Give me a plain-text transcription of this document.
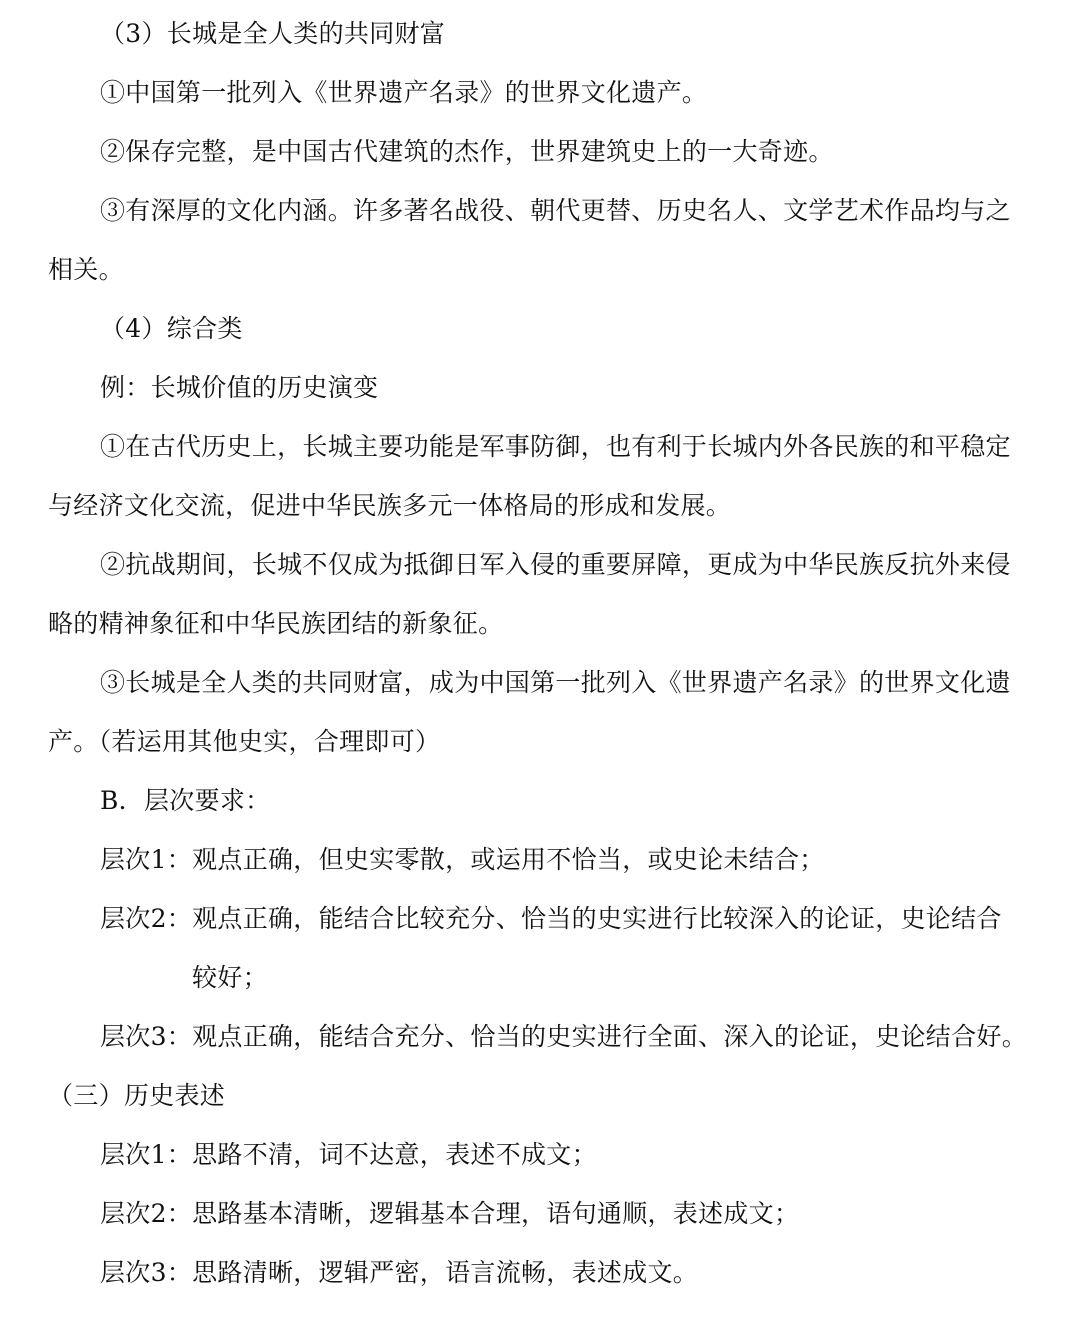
（3）长城是全人类的共同财富
①中国第一批列入《世界遗产名录》的世界文化遗产。
②保存完整，是中国古代建筑的杰作，世界建筑史上的一大奇迹。
③有深厚的文化内涵。许多著名战役、朝代更替、历史名人、文学艺术作品均与之
相关。
（4）综合类
例：长城价值的历史演变
①在古代历史上，长城主要功能是军事防御，也有利于长城内外各民族的和平稳定
与经济文化交流，促进中华民族多元一体格局的形成和发展。
②抗战期间，长城不仅成为抵御日军入侵的重要屏障，更成为中华民族反抗外来侵
略的精神象征和中华民族团结的新象征。
③长城是全人类的共同财富，成为中国第一批列入《世界遗产名录》的世界文化遗
产。（若运用其他史实，合理即可）
B．层次要求：
层次1：观点正确，但史实零散，或运用不恰当，或史论未结合；
层次2：观点正确，能结合比较充分、恰当的史实进行比较深入的论证，史论结合
较好；
层次3：观点正确，能结合充分、恰当的史实进行全面、深入的论证，史论结合好。
（三）历史表述
层次1：思路不清，词不达意，表述不成文；
层次2：思路基本清晰，逻辑基本合理，语句通顺，表述成文；
层次3：思路清晰，逻辑严密，语言流畅，表述成文。
